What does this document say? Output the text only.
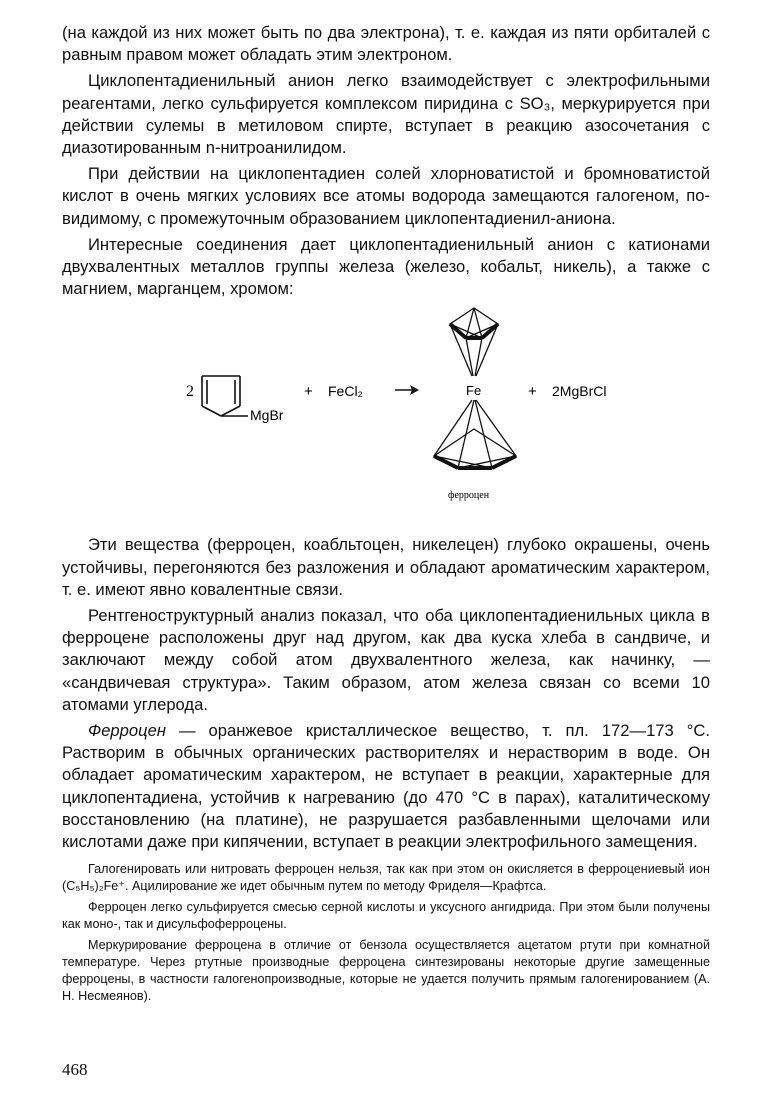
(на каждой из них может быть по два электрона), т. е. каждая из пяти орбиталей с равным правом может обладать этим электроном.

Циклопентадиенильный анион легко взаимодействует с электрофильными реагентами, легко сульфируется комплексом пиридина с SO₃, меркурируется при действии сулемы в метиловом спирте, вступает в реакцию азосочетания с диазотированным n-нитроанилидом.

При действии на циклопентадиен солей хлорноватистой и бромноватистой кислот в очень мягких условиях все атомы водорода замещаются галогеном, по-видимому, с промежуточным образованием циклопентадиенил-аниона.

Интересные соединения дает циклопентадиенильный анион с катионами двухвалентных металлов группы железа (железо, кобальт, никель), а также с магнием, марганцем, хромом:

2
MgBr
+ FeCl₂	Fe	+ 2MgBrCl
ферроцен

Эти вещества (ферроцен, коабльтоцен, никелецен) глубоко окрашены, очень устойчивы, перегоняются без разложения и обладают ароматическим характером, т. е. имеют явно ковалентные связи.

Рентгеноструктурный анализ показал, что оба циклопентадиенильных цикла в ферроцене расположены друг над другом, как два куска хлеба в сандвиче, и заключают между собой атом двухвалентного железа, как начинку, — «сандвичевая структура». Таким образом, атом железа связан со всеми 10 атомами углерода.

Ферроцен — оранжевое кристаллическое вещество, т. пл. 172—173 °С. Растворим в обычных органических растворителях и нерастворим в воде. Он обладает ароматическим характером, не вступает в реакции, характерные для циклопентадиена, устойчив к нагреванию (до 470 °С в парах), каталитическому восстановлению (на платине), не разрушается разбавленными щелочами или кислотами даже при кипячении, вступает в реакции электрофильного замещения.

Галогенировать или нитровать ферроцен нельзя, так как при этом он окисляется в ферроцениевый ион (C₅H₅)₂Fe⁺. Ацилирование же идет обычным путем по методу Фриделя—Крафтса.

Ферроцен легко сульфируется смесью серной кислоты и уксусного ангидрида. При этом были получены как моно-, так и дисульфоферроцены.

Меркурирование ферроцена в отличие от бензола осуществляется ацетатом ртути при комнатной температуре. Через ртутные производные ферроцена синтезированы некоторые другие замещенные ферроцены, в частности галогенопроизводные, которые не удается получить прямым галогенированием (А. Н. Несмеянов).

468
